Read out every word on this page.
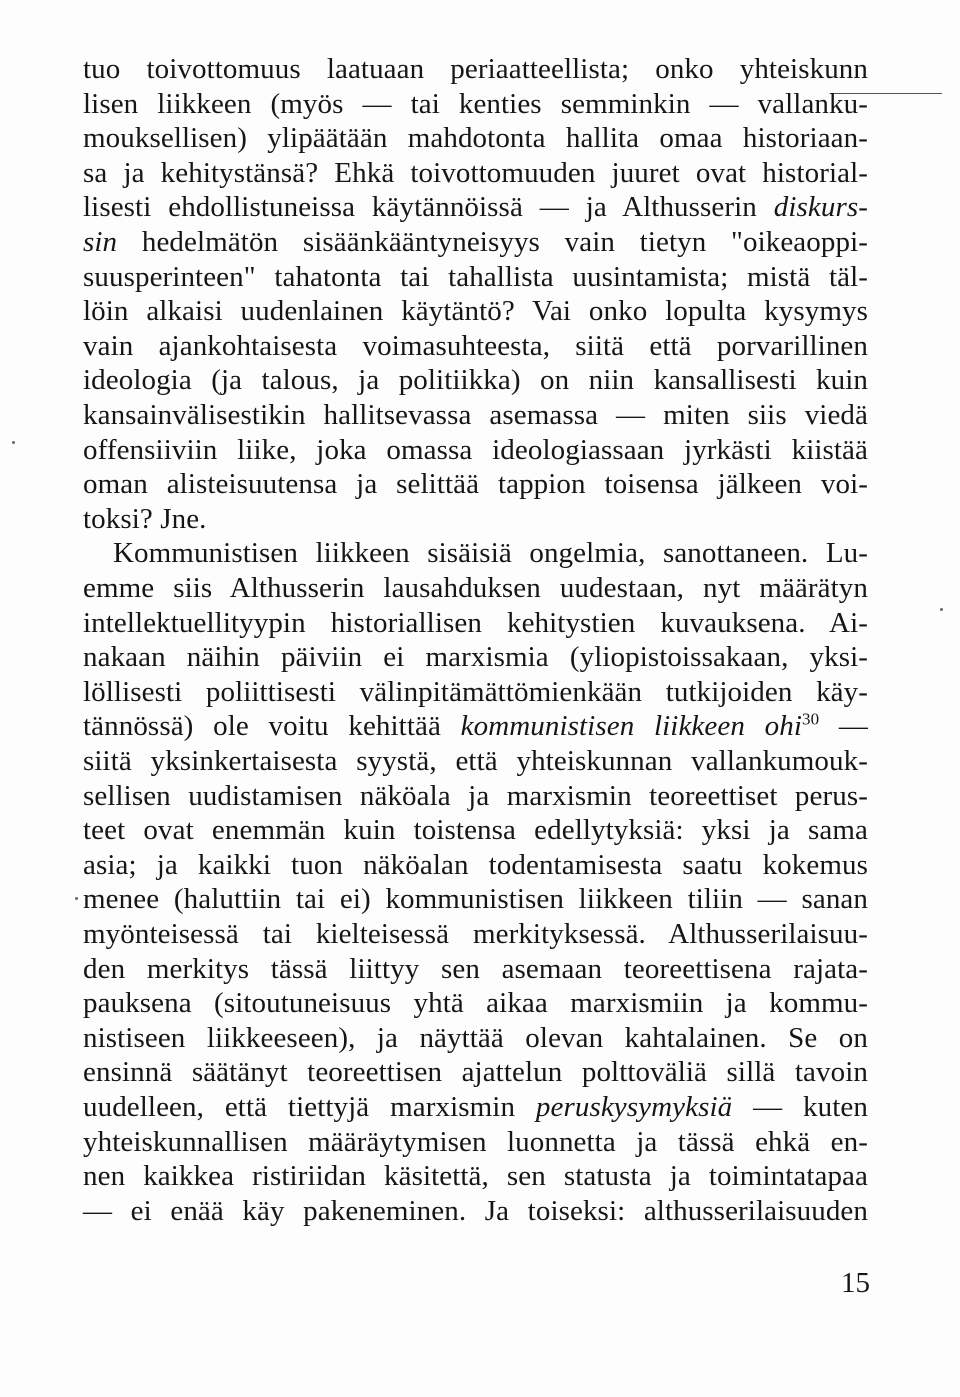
tuo toivottomuus laatuaan periaatteellista; onko yhteiskunn
lisen liikkeen (myös — tai kenties semminkin — vallanku-
mouksellisen) ylipäätään mahdotonta hallita omaa historiaan-
sa ja kehitystänsä? Ehkä toivottomuuden juuret ovat historial-
lisesti ehdollistuneissa käytännöissä — ja Althusserin diskurs-
sin hedelmätön sisäänkääntyneisyys vain tietyn "oikeaoppi-
suusperinteen" tahatonta tai tahallista uusintamista; mistä täl-
löin alkaisi uudenlainen käytäntö? Vai onko lopulta kysymys
vain ajankohtaisesta voimasuhteesta, siitä että porvarillinen
ideologia (ja talous, ja politiikka) on niin kansallisesti kuin
kansainvälisestikin hallitsevassa asemassa — miten siis viedä
offensiiviin liike, joka omassa ideologiassaan jyrkästi kiistää
oman alisteisuutensa ja selittää tappion toisensa jälkeen voi-
toksi? Jne.
Kommunistisen liikkeen sisäisiä ongelmia, sanottaneen. Lu-
emme siis Althusserin lausahduksen uudestaan, nyt määrätyn
intellektuellityypin historiallisen kehitystien kuvauksena. Ai-
nakaan näihin päiviin ei marxismia (yliopistoissakaan, yksi-
löllisesti poliittisesti välinpitämättömienkään tutkijoiden käy-
tännössä) ole voitu kehittää kommunistisen liikkeen ohi$^{30}$ —
siitä yksinkertaisesta syystä, että yhteiskunnan vallankumouk-
sellisen uudistamisen näköala ja marxismin teoreettiset perus-
teet ovat enemmän kuin toistensa edellytyksiä: yksi ja sama
asia; ja kaikki tuon näköalan todentamisesta saatu kokemus
menee (haluttiin tai ei) kommunistisen liikkeen tiliin — sanan
myönteisessä tai kielteisessä merkityksessä. Althusserilaisuu-
den merkitys tässä liittyy sen asemaan teoreettisena rajata-
pauksena (sitoutuneisuus yhtä aikaa marxismiin ja kommu-
nistiseen liikkeeseen), ja näyttää olevan kahtalainen. Se on
ensinnä säätänyt teoreettisen ajattelun polttoväliä sillä tavoin
uudelleen, että tiettyjä marxismin peruskysymyksiä — kuten
yhteiskunnallisen määräytymisen luonnetta ja tässä ehkä en-
nen kaikkea ristiriidan käsitettä, sen statusta ja toimintatapaa
— ei enää käy pakeneminen. Ja toiseksi: althusserilaisuuden
15
